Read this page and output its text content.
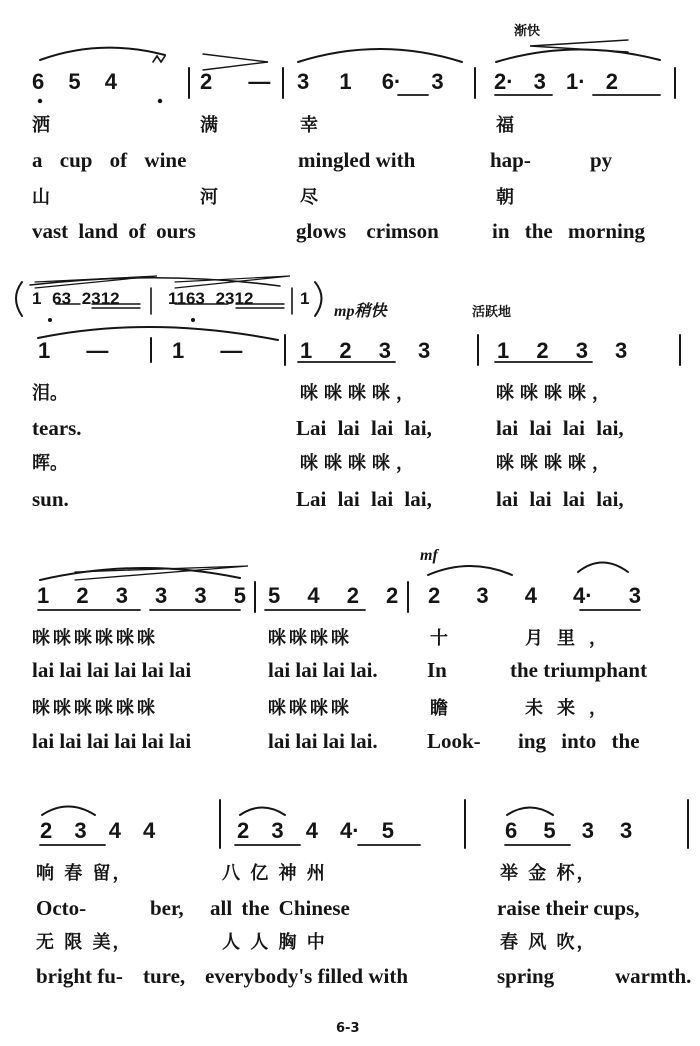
渐快
6 5 4	2 — 3 1 6· 3 2· 3 1· 2
洒	满	幸	福
a cup of wine	mingled with	hap-	py
山	河	尽	朝
vast land of ours	glows crimson	in the morning
1 63 2312	1163 2312	1
mp稍快	活跃地
1 —	1 —	1 2 3 3	1 2 3 3
泪。	咪咪咪咪，	咪咪咪咪，
tears.	Lai lai lai lai,	lai lai lai lai,
晖。	咪咪咪咪，	咪咪咪咪，
sun.	Lai lai lai lai,	lai lai lai lai,
mf
1 2 3 3 3 5 5 4 2 2 2 3 4 4· 3
咪咪咪咪咪咪	咪咪咪咪	十	月里，
lai lai lai lai lai lai	lai lai lai lai. In	the triumphant
咪咪咪咪咪咪	咪咪咪咪	瞻	未来，
lai lai lai lai lai lai	lai lai lai lai. Look- ing into the
2 3 4 4	2 3 4 4· 5	6 5 3 3
响 春 留，	八 亿 神 州	举 金 杯，
Octo-	ber, all the Chinese	raise their cups,
无 限 美，	人 人 胸 中	春 风 吹，
bright fu- ture, everybody's filled with	spring	warmth.
6-3
